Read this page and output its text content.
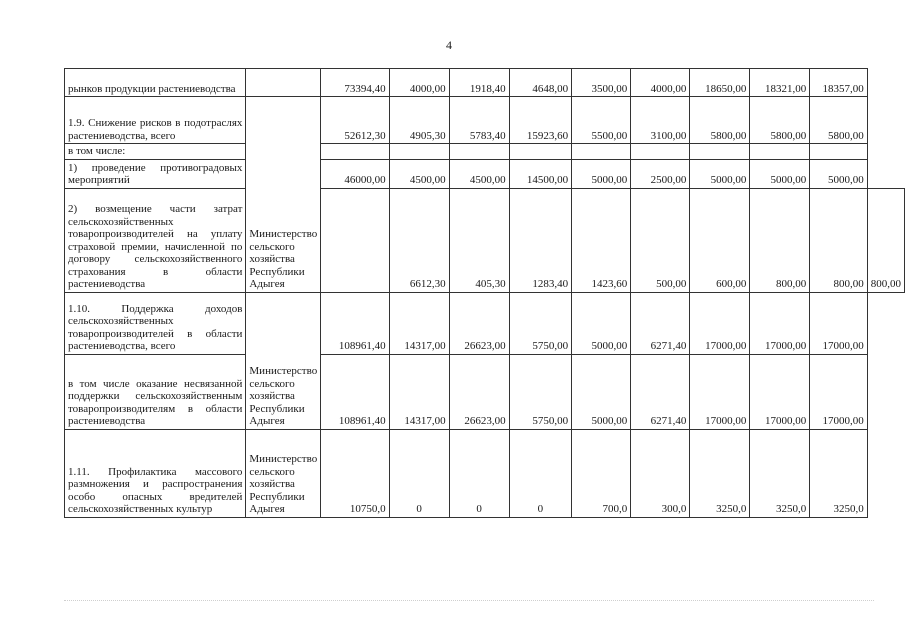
4
рынков продукции растениеводства		73394,40	4000,00	1918,40	4648,00	3500,00	4000,00	18650,00	18321,00	18357,00	
1.9. Снижение рисков в подотраслях растениеводства, всего	Министерство сельского хозяйства Республики Адыгея	52612,30	4905,30	5783,40	15923,60	5500,00	3100,00	5800,00	5800,00	5800,00	
в том числе:											
1) проведение противоградовых мероприятий		46000,00	4500,00	4500,00	14500,00	5000,00	2500,00	5000,00	5000,00	5000,00	
2) возмещение части затрат сельскохозяйственных товаропроизводителей на уплату страховой премии, начисленной по договору сельскохозяйственного страхования в области растениеводства			6612,30	405,30	1283,40	1423,60	500,00	600,00	800,00	800,00	800,00
1.10. Поддержка доходов сельскохозяйственных товаропроизводителей в области растениеводства, всего	Министерство сельского хозяйства Республики Адыгея	108961,40	14317,00	26623,00	5750,00	5000,00	6271,40	17000,00	17000,00	17000,00	
в том числе оказание несвязанной поддержки сельскохозяйственным товаропроизводителям в области растениеводства		108961,40	14317,00	26623,00	5750,00	5000,00	6271,40	17000,00	17000,00	17000,00	
1.11. Профилактика массового размножения и распространения особо опасных вредителей сельскохозяйственных культур	Министерство сельского хозяйства Республики Адыгея	10750,0	0	0	0	700,0	300,0	3250,0	3250,0	3250,0	
